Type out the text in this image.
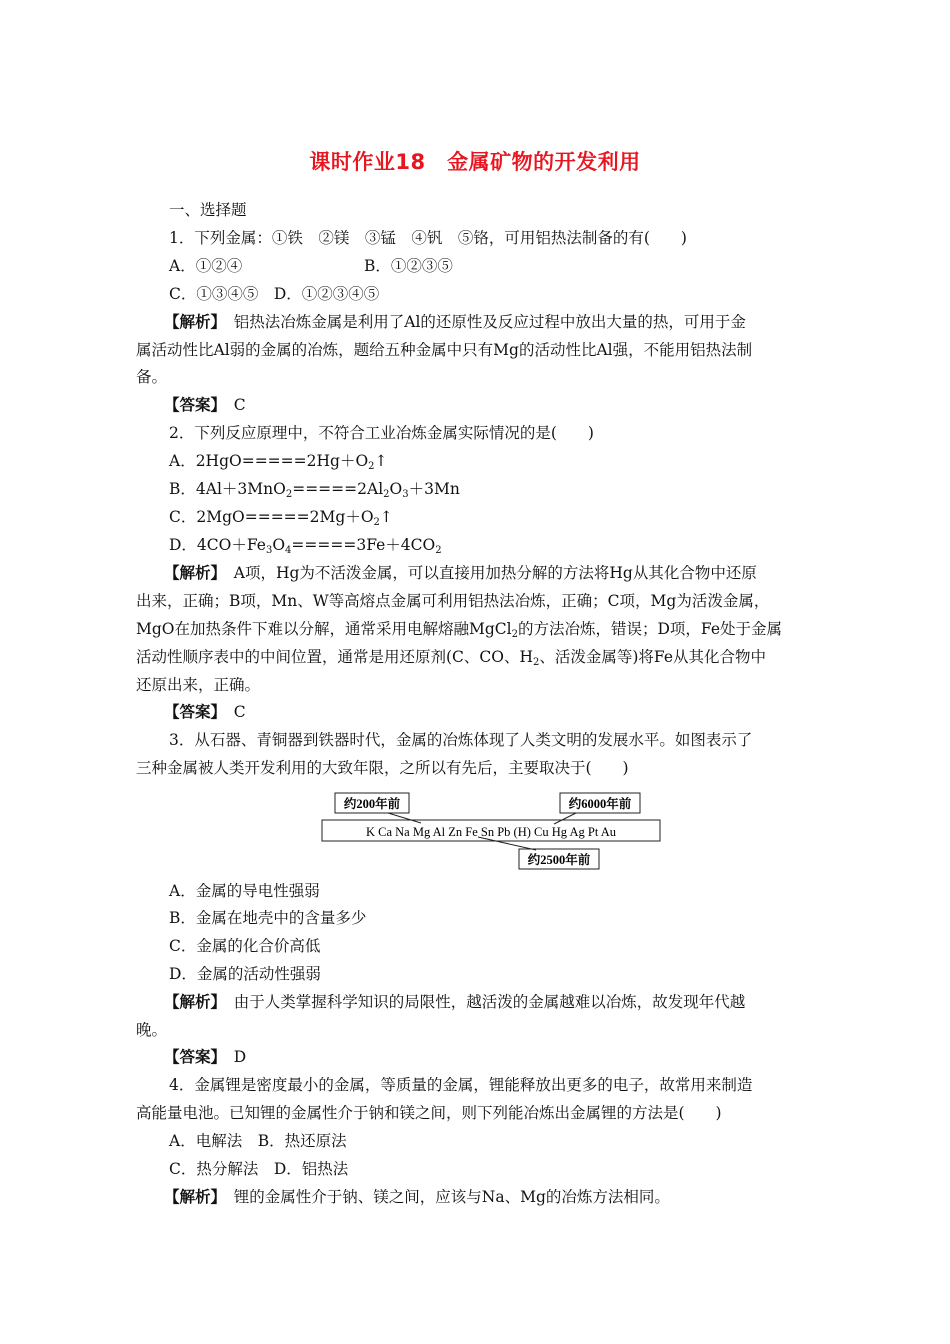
课时作业18　金属矿物的开发利用
一、选择题
1．下列金属：①铁　②镁　③锰　④钒　⑤铬，可用铝热法制备的有(　　)
A．①②④	B．①②③⑤
C．①③④⑤　D．①②③④⑤
【解析】　 铝热法冶炼金属是利用了Al的还原性及反应过程中放出大量的热，可用于金
属活动性比Al弱的金属的冶炼，题给五种金属中只有Mg的活动性比Al强，不能用铝热法制
备。
【答案】　 C
2．下列反应原理中，不符合工业冶炼金属实际情况的是(　　)
A．$2HgO=====2Hg+O_2↑$
B．$4Al+3MnO_2=====2Al_2O_3+3Mn$
C．$2MgO=====2Mg+O_2↑$
D．$4CO+Fe_3O_4=====3Fe+4CO_2$
【解析】　 A项，Hg为不活泼金属，可以直接用加热分解的方法将Hg从其化合物中还原
出来，正确；B项，Mn、W等高熔点金属可利用铝热法冶炼，正确；C项，Mg为活泼金属，
MgO在加热条件下难以分解，通常采用电解熔融MgCl$_2$的方法冶炼，错误；D项，Fe处于金属
活动性顺序表中的中间位置，通常是用还原剂(C、CO、$H_2$、活泼金属等)将Fe从其化合物中
还原出来，正确。
【答案】　 C
3．从石器、青铜器到铁器时代，金属的冶炼体现了人类文明的发展水平。如图表示了
三种金属被人类开发利用的大致年限，之所以有先后，主要取决于(　　)
K Ca Na Mg Al Zn Fe Sn Pb (H) Cu Hg Ag Pt Au
约200年前	约6000年前
约2500年前
A．金属的导电性强弱
B．金属在地壳中的含量多少
C．金属的化合价高低
D．金属的活动性强弱
【解析】　 由于人类掌握科学知识的局限性，越活泼的金属越难以冶炼，故发现年代越
晚。
【答案】　 D
4．金属锂是密度最小的金属，等质量的金属，锂能释放出更多的电子，故常用来制造
高能量电池。已知锂的金属性介于钠和镁之间，则下列能冶炼出金属锂的方法是(　　)
A．电解法　B．热还原法
C．热分解法　D．铝热法
【解析】　 锂的金属性介于钠、镁之间，应该与Na、Mg的冶炼方法相同。
